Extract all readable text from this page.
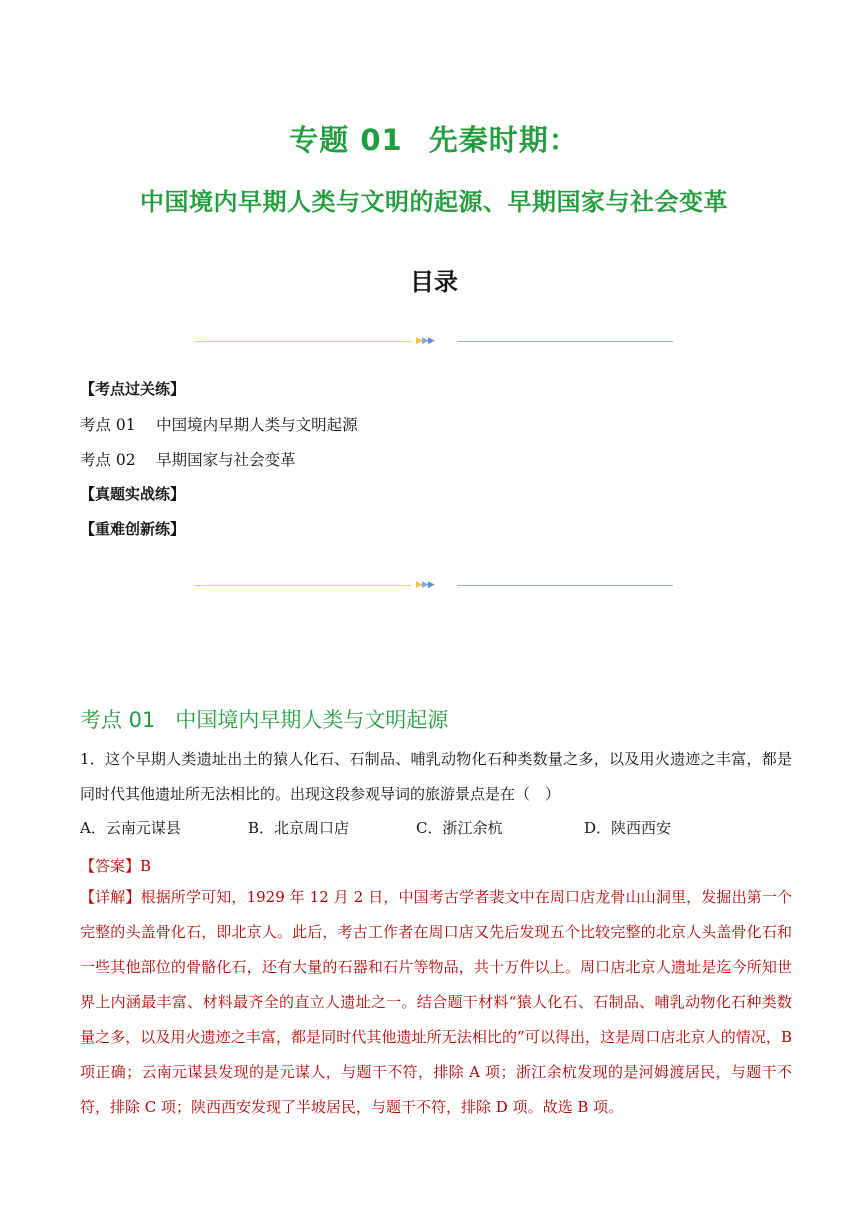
专题 01 先秦时期：
中国境内早期人类与文明的起源、早期国家与社会变革
目录
▶▶▶
【考点过关练】
考点 01　 中国境内早期人类与文明起源
考点 02　 早期国家与社会变革
【真题实战练】
【重难创新练】
▶▶▶
考点 01 中国境内早期人类与文明起源
1．这个早期人类遗址出土的猿人化石、石制品、哺乳动物化石种类数量之多，以及用火遗迹之丰富，都是同时代其他遗址所无法相比的。出现这段参观导词的旅游景点是在（　）
A．云南元谋县	B．北京周口店	C．浙江余杭	D．陕西西安
【答案】B
【详解】根据所学可知，1929 年 12 月 2 日，中国考古学者裴文中在周口店龙骨山山洞里，发掘出第一个完整的头盖骨化石，即北京人。此后，考古工作者在周口店又先后发现五个比较完整的北京人头盖骨化石和一些其他部位的骨骼化石，还有大量的石器和石片等物品，共十万件以上。周口店北京人遗址是迄今所知世界上内涵最丰富、材料最齐全的直立人遗址之一。结合题干材料“猿人化石、石制品、哺乳动物化石种类数量之多，以及用火遗迹之丰富，都是同时代其他遗址所无法相比的”可以得出，这是周口店北京人的情况，B 项正确；云南元谋县发现的是元谋人，与题干不符，排除 A 项；浙江余杭发现的是河姆渡居民，与题干不符，排除 C 项；陕西西安发现了半坡居民，与题干不符，排除 D 项。故选 B 项。
